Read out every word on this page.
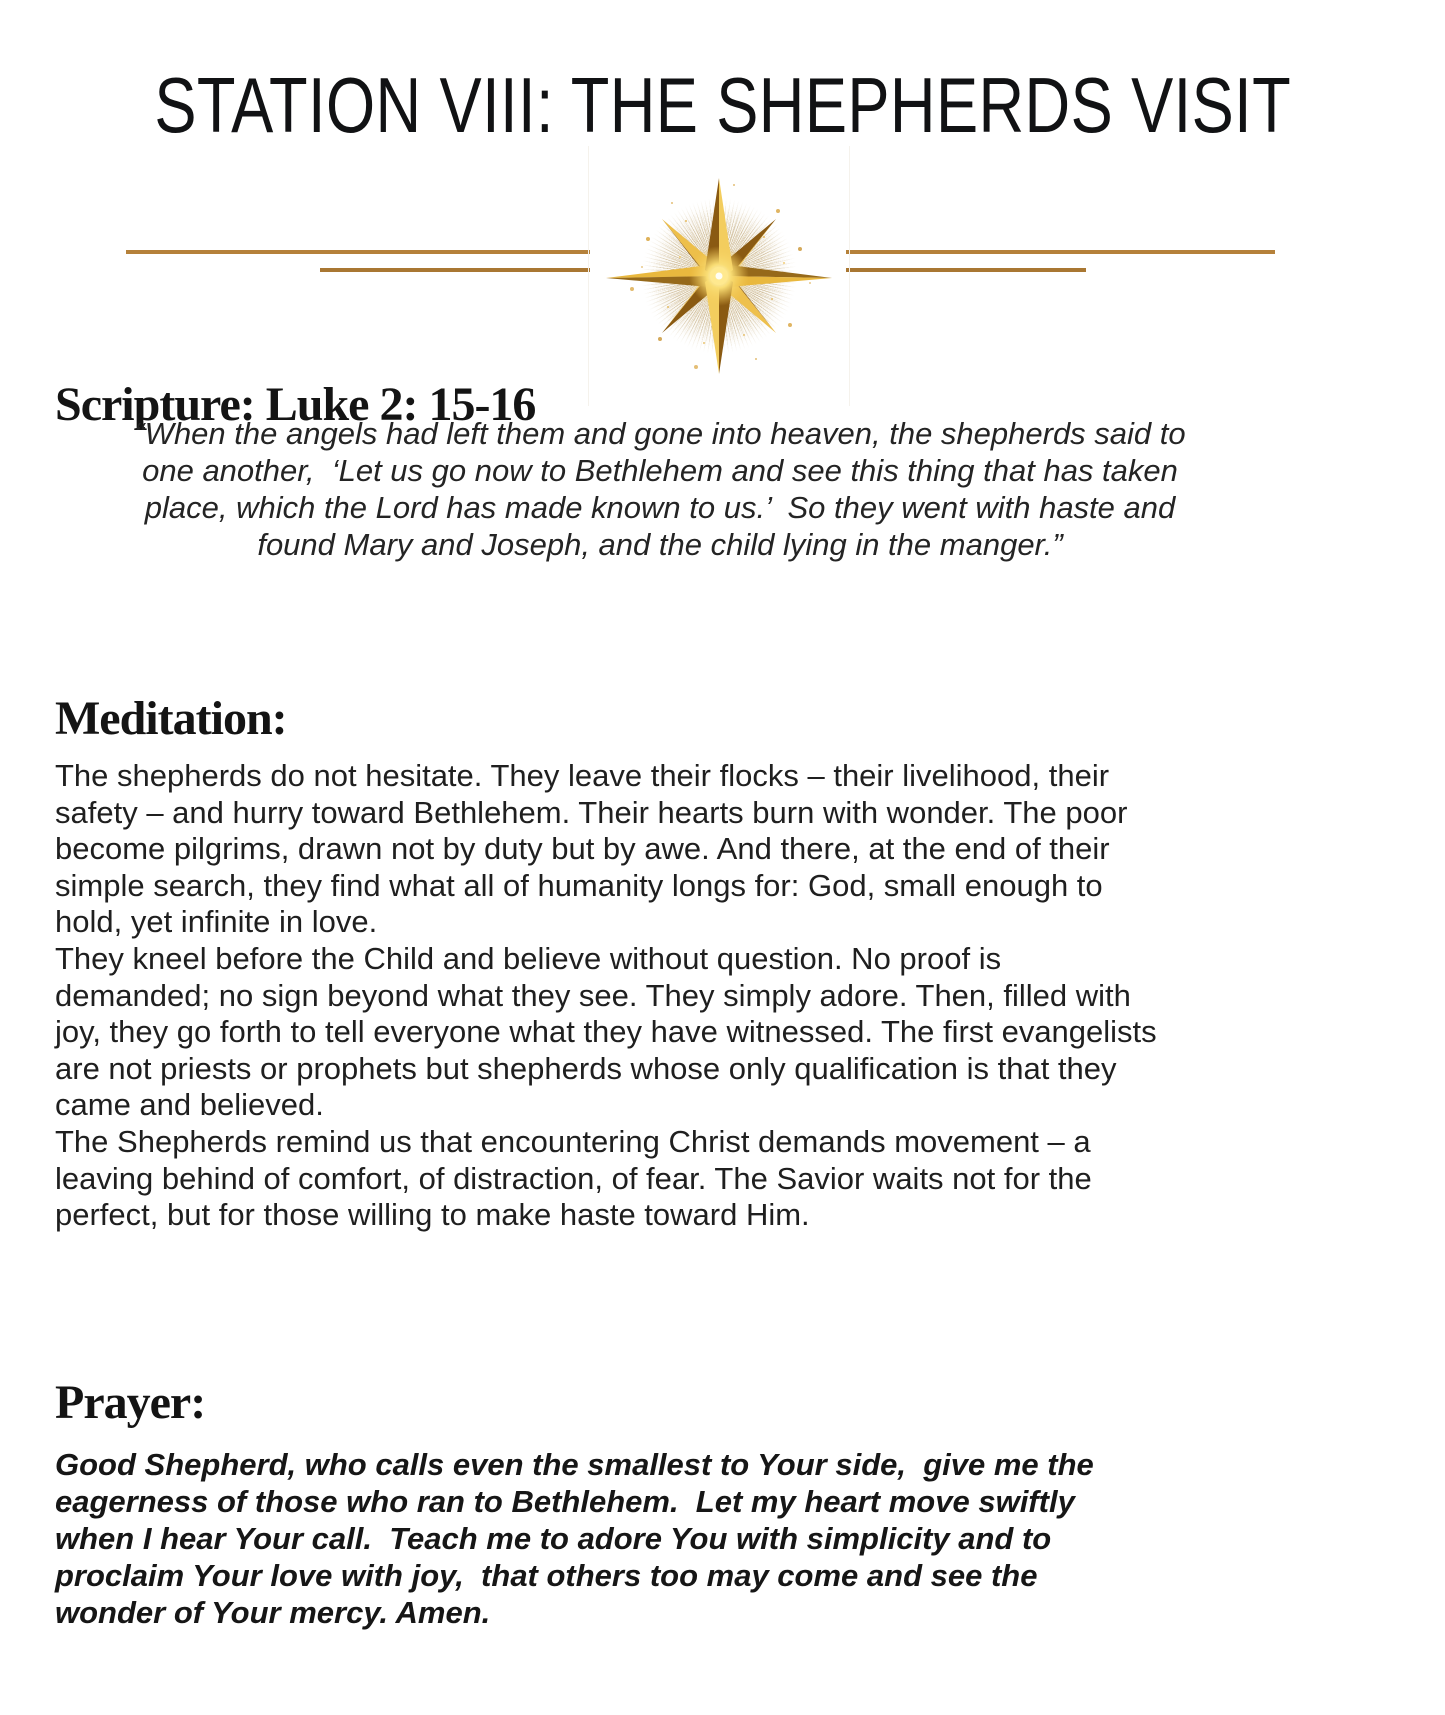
STATION VIII: THE SHEPHERDS VISIT
Scripture: Luke 2: 15-16
“When the angels had left them and gone into heaven, the shepherds said to
one another,  ‘Let us go now to Bethlehem and see this thing that has taken
place, which the Lord has made known to us.’  So they went with haste and
found Mary and Joseph, and the child lying in the manger.”
Meditation:
The shepherds do not hesitate. They leave their flocks – their livelihood, their
safety – and hurry toward Bethlehem. Their hearts burn with wonder. The poor
become pilgrims, drawn not by duty but by awe. And there, at the end of their
simple search, they find what all of humanity longs for: God, small enough to
hold, yet infinite in love.
They kneel before the Child and believe without question. No proof is
demanded; no sign beyond what they see. They simply adore. Then, filled with
joy, they go forth to tell everyone what they have witnessed. The first evangelists
are not priests or prophets but shepherds whose only qualification is that they
came and believed.
The Shepherds remind us that encountering Christ demands movement – a
leaving behind of comfort, of distraction, of fear. The Savior waits not for the
perfect, but for those willing to make haste toward Him.
Prayer:
Good Shepherd, who calls even the smallest to Your side,  give me the
eagerness of those who ran to Bethlehem.  Let my heart move swiftly
when I hear Your call.  Teach me to adore You with simplicity and to
proclaim Your love with joy,  that others too may come and see the
wonder of Your mercy. Amen.
